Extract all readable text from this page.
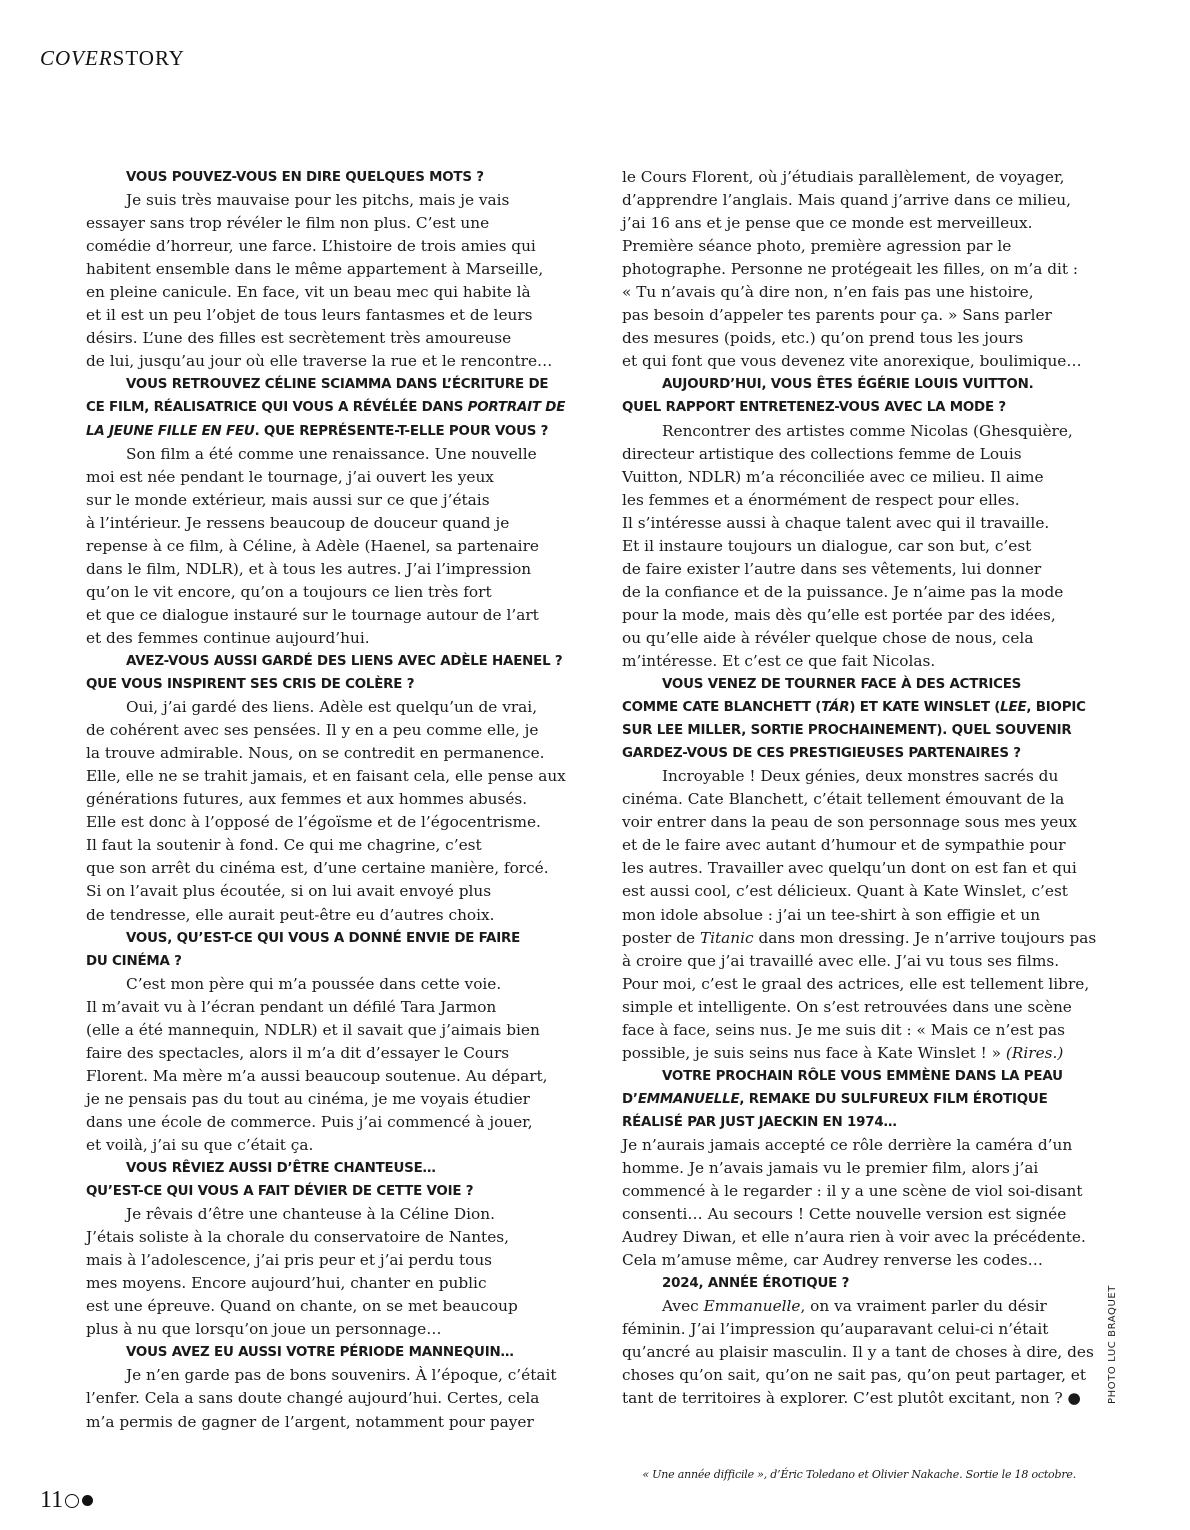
COVERSTORY
VOUS POUVEZ-VOUS EN DIRE QUELQUES MOTS ?
Je suis très mauvaise pour les pitchs, mais je vais
essayer sans trop révéler le film non plus. C’est une
comédie d’horreur, une farce. L’histoire de trois amies qui
habitent ensemble dans le même appartement à Marseille,
en pleine canicule. En face, vit un beau mec qui habite là
et il est un peu l’objet de tous leurs fantasmes et de leurs
désirs. L’une des filles est secrètement très amoureuse
de lui, jusqu’au jour où elle traverse la rue et le rencontre…
VOUS RETROUVEZ CÉLINE SCIAMMA DANS L’ÉCRITURE DE
CE FILM, RÉALISATRICE QUI VOUS A RÉVÉLÉE DANS PORTRAIT DE
LA JEUNE FILLE EN FEU. QUE REPRÉSENTE-T-ELLE POUR VOUS ?
Son film a été comme une renaissance. Une nouvelle
moi est née pendant le tournage, j’ai ouvert les yeux
sur le monde extérieur, mais aussi sur ce que j’étais
à l’intérieur. Je ressens beaucoup de douceur quand je
repense à ce film, à Céline, à Adèle (Haenel, sa partenaire
dans le film, NDLR), et à tous les autres. J’ai l’impression
qu’on le vit encore, qu’on a toujours ce lien très fort
et que ce dialogue instauré sur le tournage autour de l’art
et des femmes continue aujourd’hui.
AVEZ-VOUS AUSSI GARDÉ DES LIENS AVEC ADÈLE HAENEL ?
QUE VOUS INSPIRENT SES CRIS DE COLÈRE ?
Oui, j’ai gardé des liens. Adèle est quelqu’un de vrai,
de cohérent avec ses pensées. Il y en a peu comme elle, je
la trouve admirable. Nous, on se contredit en permanence.
Elle, elle ne se trahit jamais, et en faisant cela, elle pense aux
générations futures, aux femmes et aux hommes abusés.
Elle est donc à l’opposé de l’égoïsme et de l’égocentrisme.
Il faut la soutenir à fond. Ce qui me chagrine, c’est
que son arrêt du cinéma est, d’une certaine manière, forcé.
Si on l’avait plus écoutée, si on lui avait envoyé plus
de tendresse, elle aurait peut-être eu d’autres choix.
VOUS, QU’EST-CE QUI VOUS A DONNÉ ENVIE DE FAIRE
DU CINÉMA ?
C’est mon père qui m’a poussée dans cette voie.
Il m’avait vu à l’écran pendant un défilé Tara Jarmon
(elle a été mannequin, NDLR) et il savait que j’aimais bien
faire des spectacles, alors il m’a dit d’essayer le Cours
Florent. Ma mère m’a aussi beaucoup soutenue. Au départ,
je ne pensais pas du tout au cinéma, je me voyais étudier
dans une école de commerce. Puis j’ai commencé à jouer,
et voilà, j’ai su que c’était ça.
VOUS RÊVIEZ AUSSI D’ÊTRE CHANTEUSE…
QU’EST-CE QUI VOUS A FAIT DÉVIER DE CETTE VOIE ?
Je rêvais d’être une chanteuse à la Céline Dion.
J’étais soliste à la chorale du conservatoire de Nantes,
mais à l’adolescence, j’ai pris peur et j’ai perdu tous
mes moyens. Encore aujourd’hui, chanter en public
est une épreuve. Quand on chante, on se met beaucoup
plus à nu que lorsqu’on joue un personnage…
VOUS AVEZ EU AUSSI VOTRE PÉRIODE MANNEQUIN…
Je n’en garde pas de bons souvenirs. À l’époque, c’était
l’enfer. Cela a sans doute changé aujourd’hui. Certes, cela
m’a permis de gagner de l’argent, notamment pour payer
le Cours Florent, où j’étudiais parallèlement, de voyager,
d’apprendre l’anglais. Mais quand j’arrive dans ce milieu,
j’ai 16 ans et je pense que ce monde est merveilleux.
Première séance photo, première agression par le
photographe. Personne ne protégeait les filles, on m’a dit :
« Tu n’avais qu’à dire non, n’en fais pas une histoire,
pas besoin d’appeler tes parents pour ça. » Sans parler
des mesures (poids, etc.) qu’on prend tous les jours
et qui font que vous devenez vite anorexique, boulimique…
AUJOURD’HUI, VOUS ÊTES ÉGÉRIE LOUIS VUITTON.
QUEL RAPPORT ENTRETENEZ-VOUS AVEC LA MODE ?
Rencontrer des artistes comme Nicolas (Ghesquière,
directeur artistique des collections femme de Louis
Vuitton, NDLR) m’a réconciliée avec ce milieu. Il aime
les femmes et a énormément de respect pour elles.
Il s’intéresse aussi à chaque talent avec qui il travaille.
Et il instaure toujours un dialogue, car son but, c’est
de faire exister l’autre dans ses vêtements, lui donner
de la confiance et de la puissance. Je n’aime pas la mode
pour la mode, mais dès qu’elle est portée par des idées,
ou qu’elle aide à révéler quelque chose de nous, cela
m’intéresse. Et c’est ce que fait Nicolas.
VOUS VENEZ DE TOURNER FACE À DES ACTRICES
COMME CATE BLANCHETT (TÁR) ET KATE WINSLET (LEE, BIOPIC
SUR LEE MILLER, SORTIE PROCHAINEMENT). QUEL SOUVENIR
GARDEZ-VOUS DE CES PRESTIGIEUSES PARTENAIRES ?
Incroyable ! Deux génies, deux monstres sacrés du
cinéma. Cate Blanchett, c’était tellement émouvant de la
voir entrer dans la peau de son personnage sous mes yeux
et de le faire avec autant d’humour et de sympathie pour
les autres. Travailler avec quelqu’un dont on est fan et qui
est aussi cool, c’est délicieux. Quant à Kate Winslet, c’est
mon idole absolue : j’ai un tee-shirt à son effigie et un
poster de Titanic dans mon dressing. Je n’arrive toujours pas
à croire que j’ai travaillé avec elle. J’ai vu tous ses films.
Pour moi, c’est le graal des actrices, elle est tellement libre,
simple et intelligente. On s’est retrouvées dans une scène
face à face, seins nus. Je me suis dit : « Mais ce n’est pas
possible, je suis seins nus face à Kate Winslet ! » (Rires.)
VOTRE PROCHAIN RÔLE VOUS EMMÈNE DANS LA PEAU
D’EMMANUELLE, REMAKE DU SULFUREUX FILM ÉROTIQUE
RÉALISÉ PAR JUST JAECKIN EN 1974…
Je n’aurais jamais accepté ce rôle derrière la caméra d’un
homme. Je n’avais jamais vu le premier film, alors j’ai
commencé à le regarder : il y a une scène de viol soi-disant
consenti… Au secours ! Cette nouvelle version est signée
Audrey Diwan, et elle n’aura rien à voir avec la précédente.
Cela m’amuse même, car Audrey renverse les codes…
2024, ANNÉE ÉROTIQUE ?
Avec Emmanuelle, on va vraiment parler du désir
féminin. J’ai l’impression qu’auparavant celui-ci n’était
qu’ancré au plaisir masculin. Il y a tant de choses à dire, des
choses qu’on sait, qu’on ne sait pas, qu’on peut partager, et
tant de territoires à explorer. C’est plutôt excitant, non ? ●
« Une année difficile », d’Éric Toledano et Olivier Nakache. Sortie le 18 octobre.
PHOTO LUC BRAQUET
11
